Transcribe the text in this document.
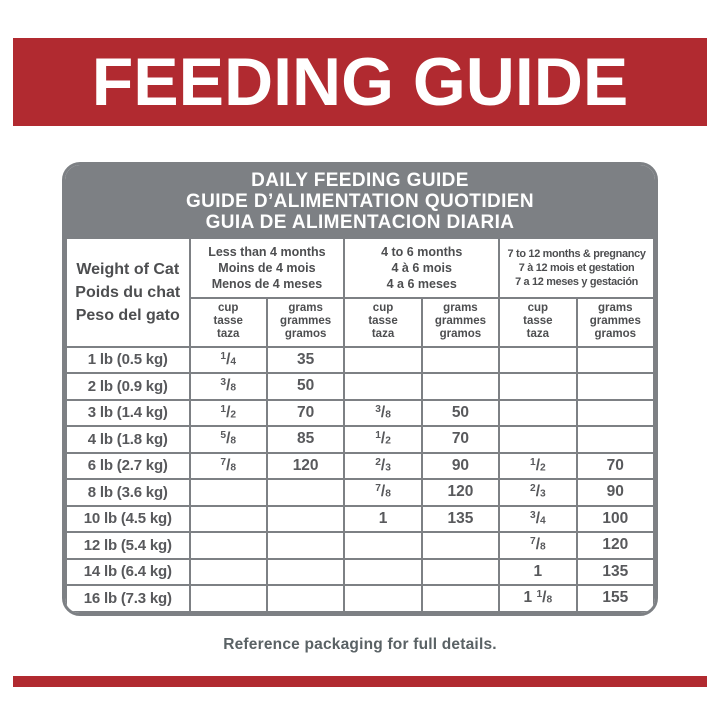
FEEDING GUIDE
DAILY FEEDING GUIDE
GUIDE D’ALIMENTATION QUOTIDIEN
GUIA DE ALIMENTACION DIARIA
Weight of Cat
Poids du chat
Peso del gato

Less than 4 months
Moins de 4 mois
Menos de 4 meses

4 to 6 months
4 à 6 mois
4 a 6 meses

7 to 12 months & pregnancy
7 à 12 mois et gestation
7 a 12 meses y gestación

cup
tasse
taza

grams
grammes
gramos

cup
tasse
taza

grams
grammes
gramos

cup
tasse
taza

grams
grammes
gramos

1 lb (0.5 kg)	$^1$/4	35				
2 lb (0.9 kg)	$^3$/8	50				
3 lb (1.4 kg)	$^1$/2	70	$^3$/8	50		
4 lb (1.8 kg)	$^5$/8	85	$^1$/2	70		
6 lb (2.7 kg)	$^7$/8	120	$^2$/3	90	$^1$/2	70
8 lb (3.6 kg)			$^7$/8	120	$^2$/3	90
10 lb (4.5 kg)			1	135	$^3$/4	100
12 lb (5.4 kg)					$^7$/8	120
14 lb (6.4 kg)					1	135
16 lb (7.3 kg)					1 $^1$/8	155
Reference packaging for full details.
